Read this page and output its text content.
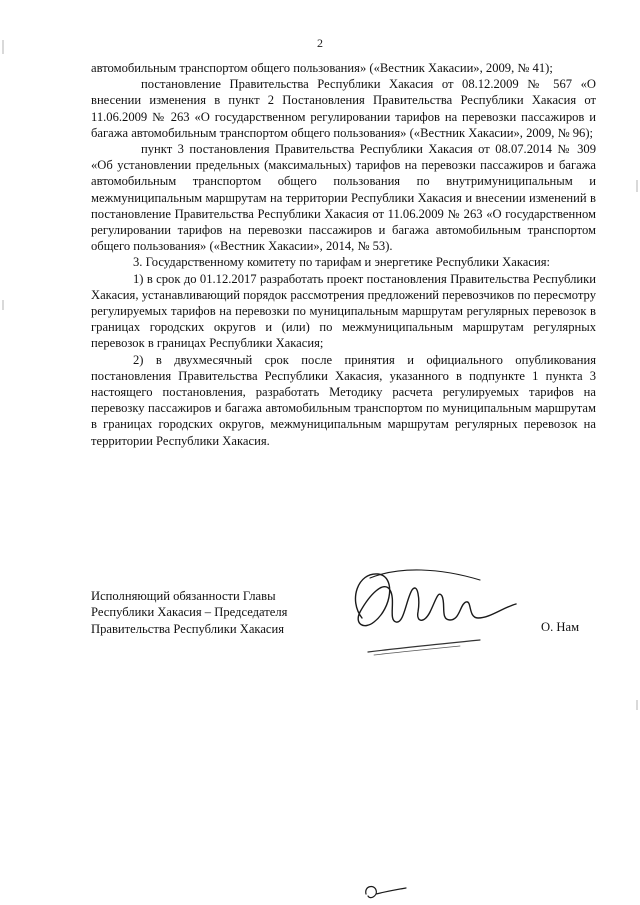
2

автомобильным транспортом общего пользования» («Вестник Хакасии», 2009, № 41);

постановление Правительства Республики Хакасия от 08.12.2009 № 567 «О внесении изменения в пункт 2 Постановления Правительства Республики Хакасия от 11.06.2009 № 263 «О государственном регулировании тарифов на перевозки пассажиров и багажа автомобильным транспортом общего пользования» («Вестник Хакасии», 2009, № 96);

пункт 3 постановления Правительства Республики Хакасия от 08.07.2014 № 309 «Об установлении предельных (максимальных) тарифов на перевозки пассажиров и багажа автомобильным транспортом общего пользования по внутримуниципальным и межмуниципальным маршрутам на территории Республики Хакасия и внесении изменений в постановление Правительства Республики Хакасия от 11.06.2009 № 263 «О государственном регулировании тарифов на перевозки пассажиров и багажа автомобильным транспортом общего пользования» («Вестник Хакасии», 2014, № 53).

3. Государственному комитету по тарифам и энергетике Республики Хакасия:

1) в срок до 01.12.2017 разработать проект постановления Правительства Республики Хакасия, устанавливающий порядок рассмотрения предложений перевозчиков по пересмотру регулируемых тарифов на перевозки по муниципальным маршрутам регулярных перевозок в границах городских округов и (или) по межмуниципальным маршрутам регулярных перевозок в границах Республики Хакасия;

2) в двухмесячный срок после принятия и официального опубликования постановления Правительства Республики Хакасия, указанного в подпункте 1 пункта 3 настоящего постановления, разработать Методику расчета регулируемых тарифов на перевозку пассажиров и багажа автомобильным транспортом по муниципальным маршрутам в границах городских округов, межмуниципальным маршрутам регулярных перевозок на территории Республики Хакасия.

Исполняющий обязанности Главы
Республики Хакасия – Председателя
Правительства Республики Хакасия	О. Нам
